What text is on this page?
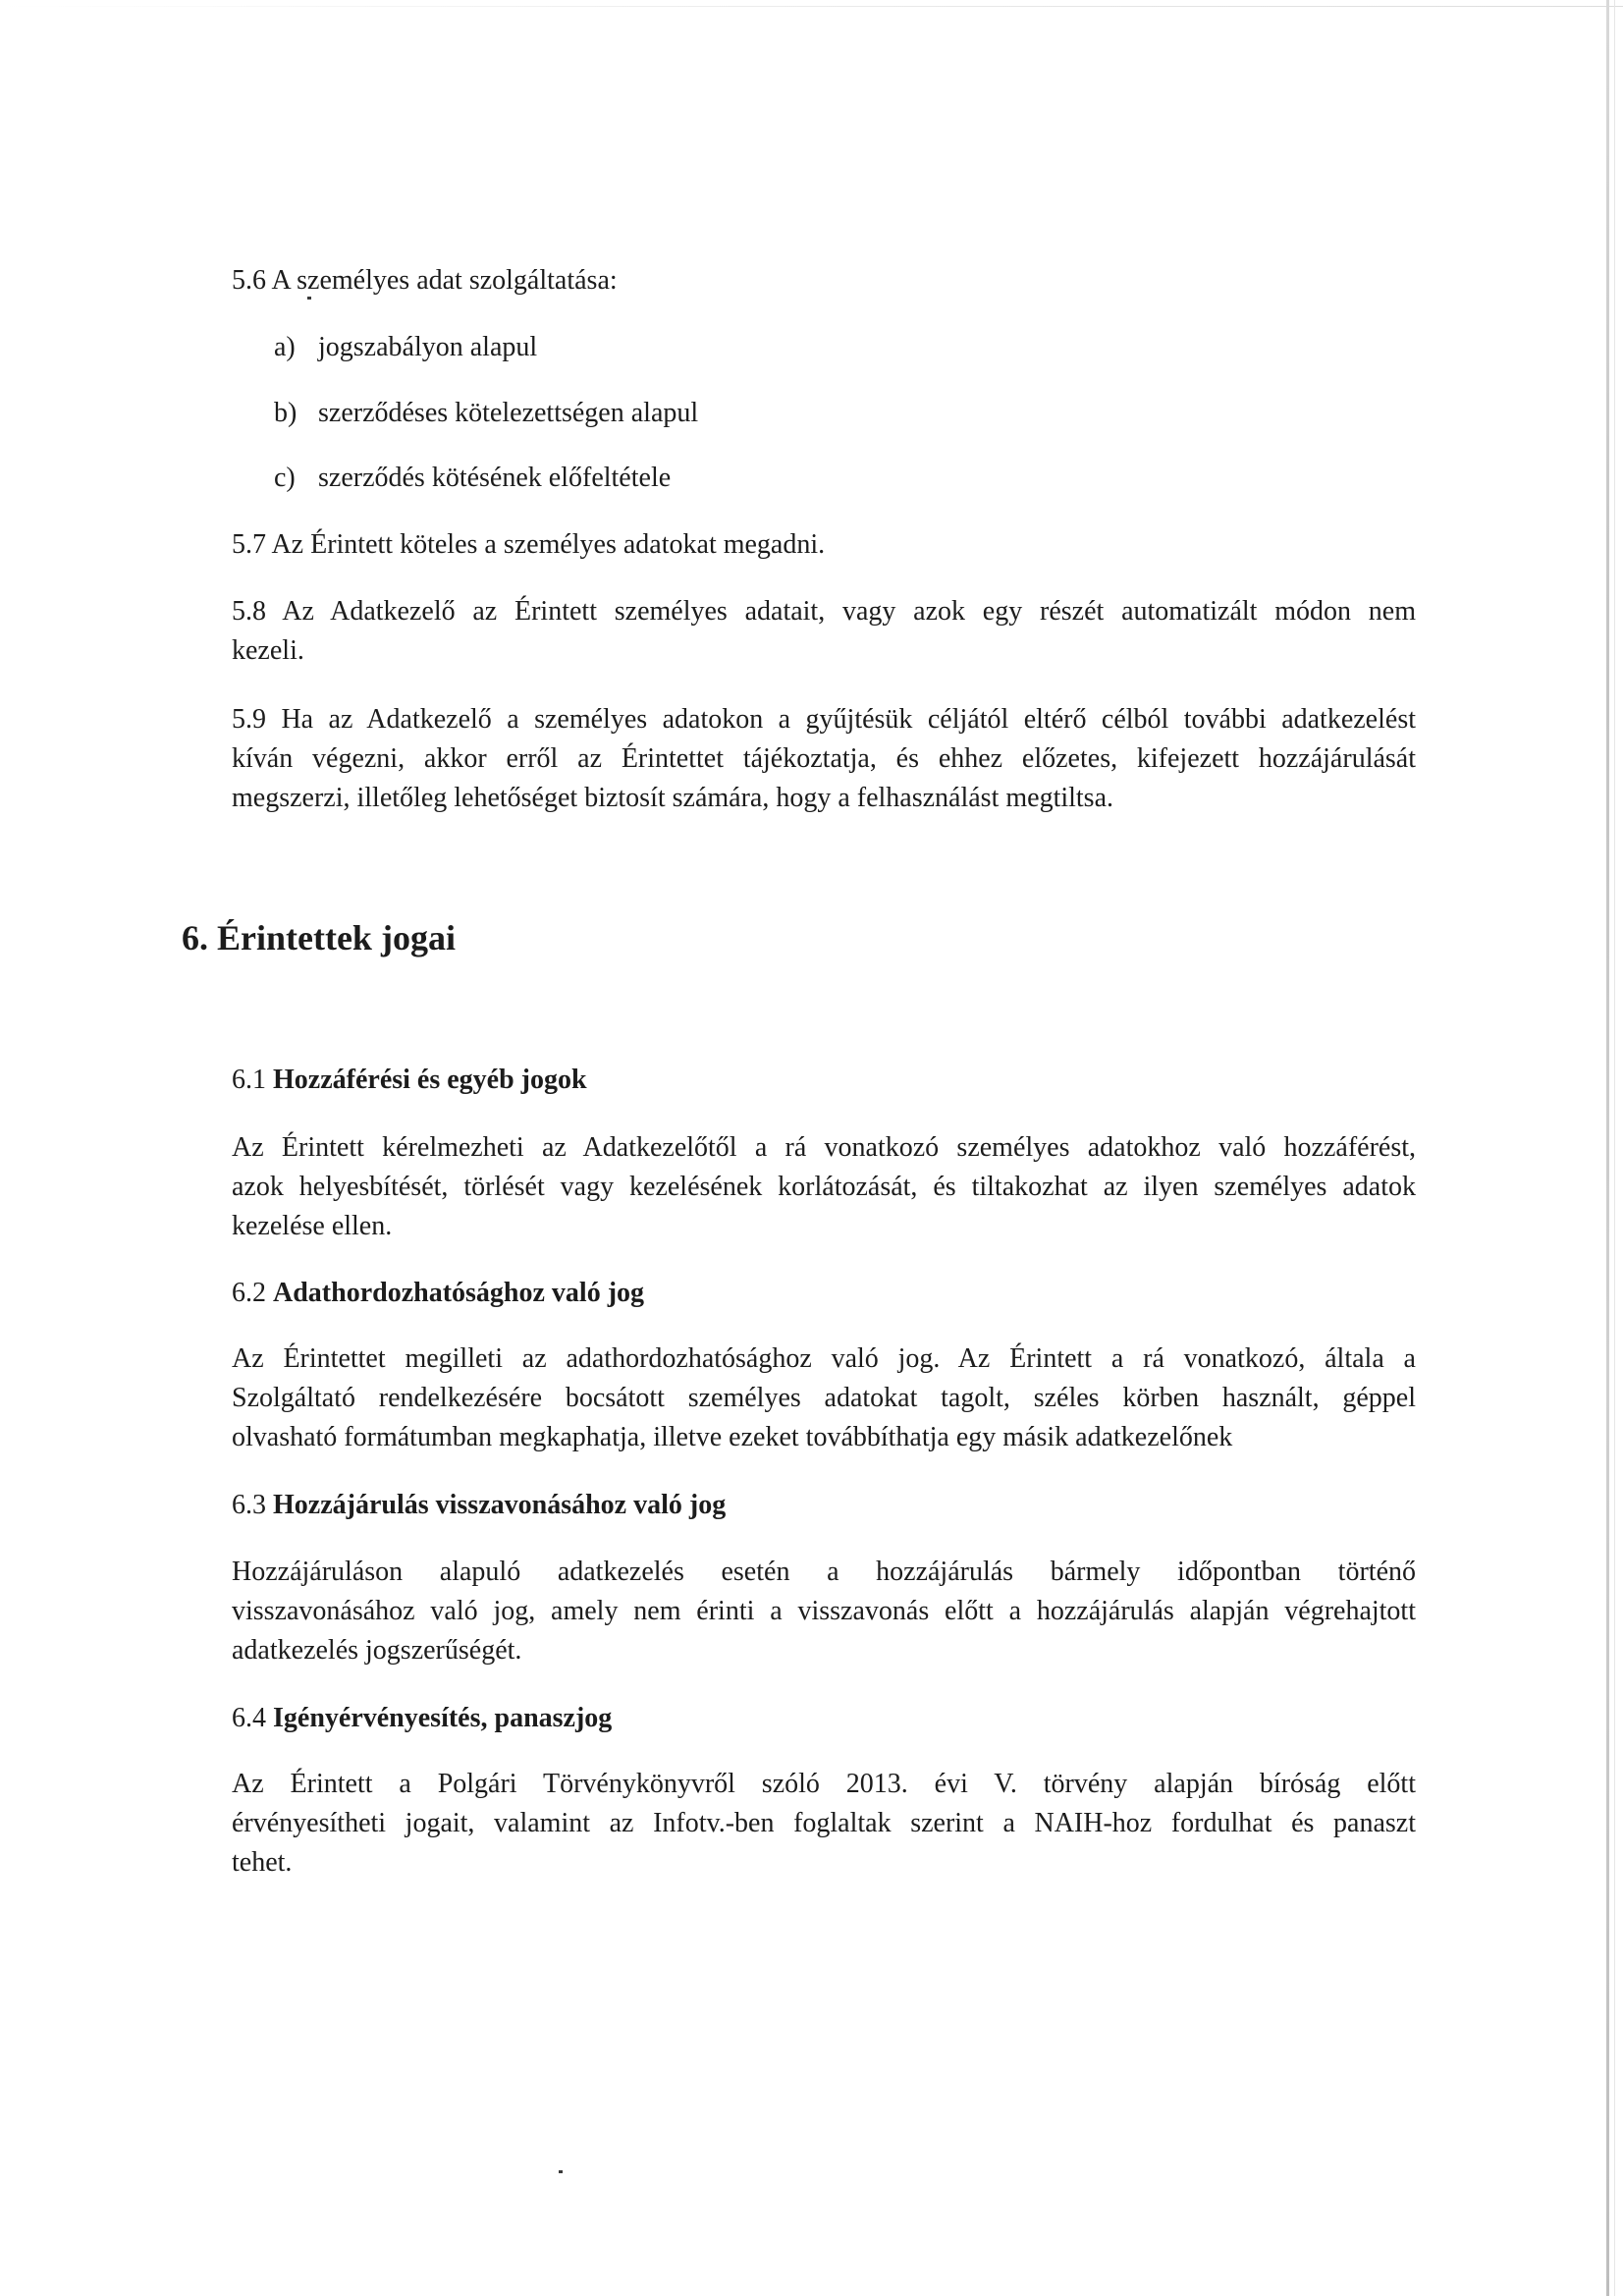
5.6 A személyes adat szolgáltatása:
a) jogszabályon alapul
b) szerződéses kötelezettségen alapul
c) szerződés kötésének előfeltétele
5.7 Az Érintett köteles a személyes adatokat megadni.
5.8 Az Adatkezelő az Érintett személyes adatait, vagy azok egy részét automatizált módon nem
kezeli.
5.9 Ha az Adatkezelő a személyes adatokon a gyűjtésük céljától eltérő célból további adatkezelést
kíván végezni, akkor erről az Érintettet tájékoztatja, és ehhez előzetes, kifejezett hozzájárulását
megszerzi, illetőleg lehetőséget biztosít számára, hogy a felhasználást megtiltsa.
6. Érintettek jogai
6.1 Hozzáférési és egyéb jogok
Az Érintett kérelmezheti az Adatkezelőtől a rá vonatkozó személyes adatokhoz való hozzáférést,
azok helyesbítését, törlését vagy kezelésének korlátozását, és tiltakozhat az ilyen személyes adatok
kezelése ellen.
6.2 Adathordozhatósághoz való jog
Az Érintettet megilleti az adathordozhatósághoz való jog. Az Érintett a rá vonatkozó, általa a
Szolgáltató rendelkezésére bocsátott személyes adatokat tagolt, széles körben használt, géppel
olvasható formátumban megkaphatja, illetve ezeket továbbíthatja egy másik adatkezelőnek
6.3 Hozzájárulás visszavonásához való jog
Hozzájáruláson alapuló adatkezelés esetén a hozzájárulás bármely időpontban történő
visszavonásához való jog, amely nem érinti a visszavonás előtt a hozzájárulás alapján végrehajtott
adatkezelés jogszerűségét.
6.4 Igényérvényesítés, panaszjog
Az Érintett a Polgári Törvénykönyvről szóló 2013. évi V. törvény alapján bíróság előtt
érvényesítheti jogait, valamint az Infotv.-ben foglaltak szerint a NAIH-hoz fordulhat és panaszt
tehet.
